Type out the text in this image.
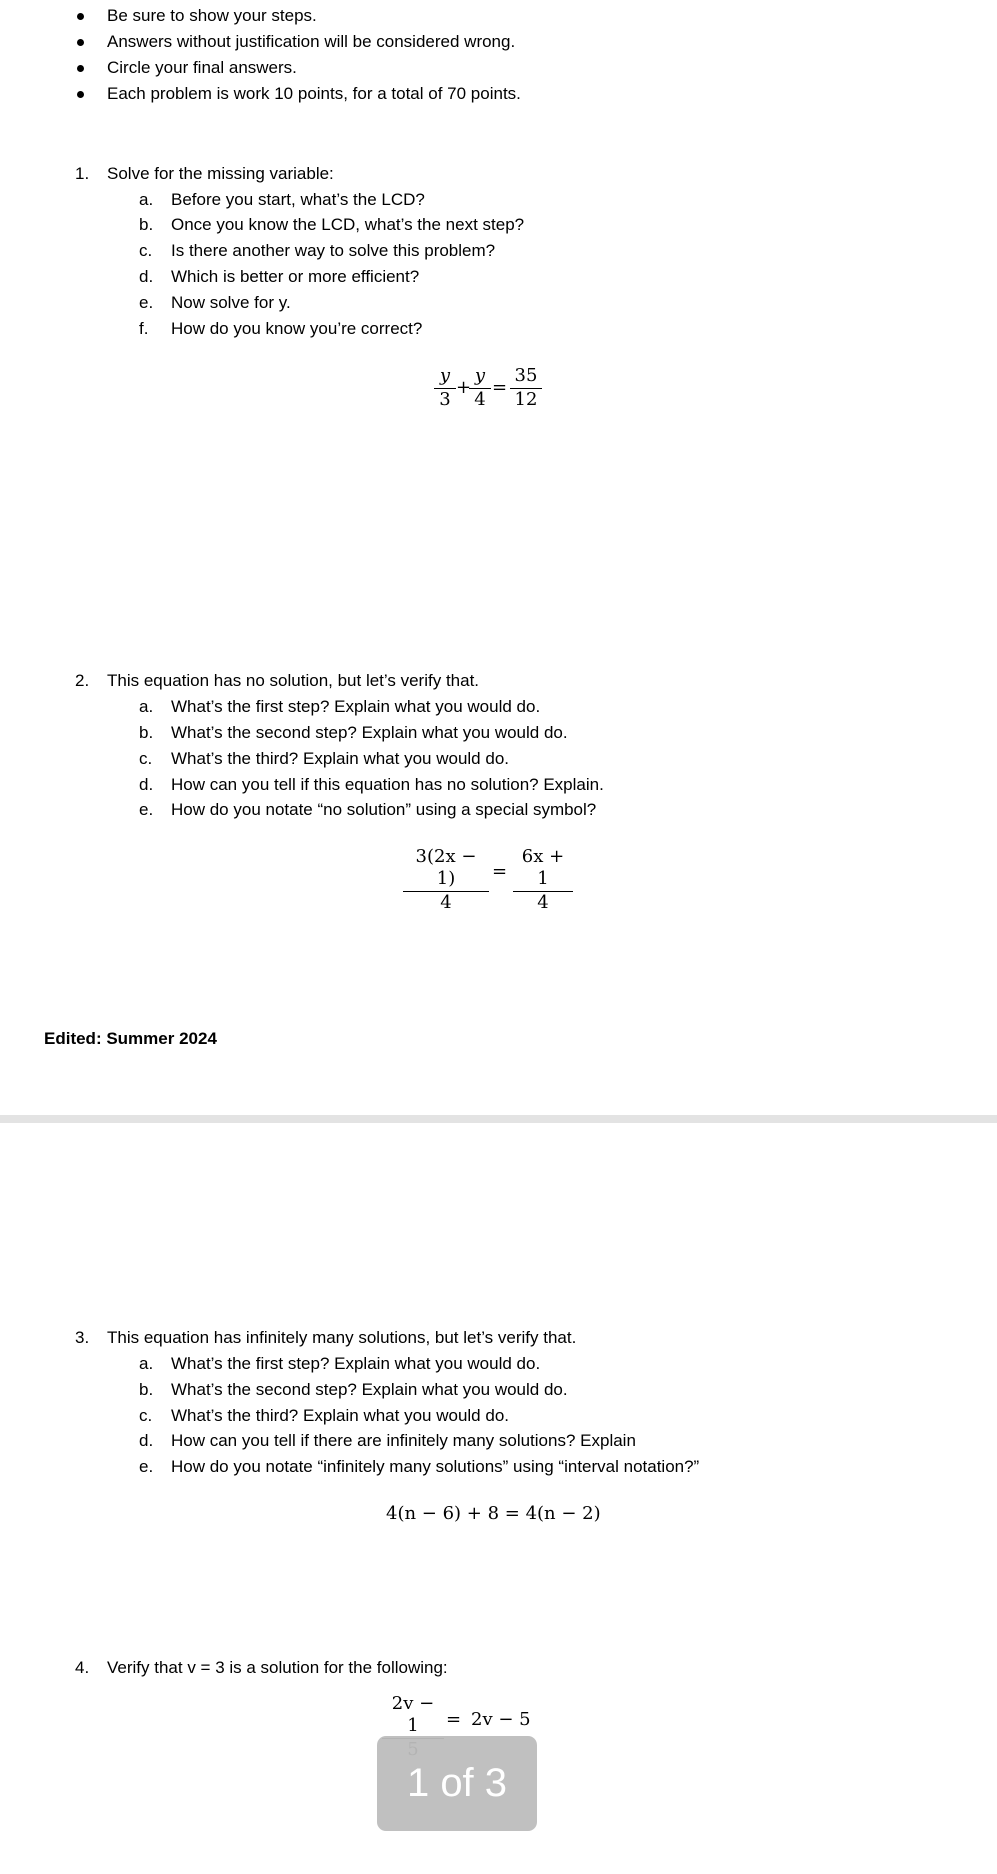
Be sure to show your steps.
Answers without justification will be considered wrong.
Circle your final answers.
Each problem is work 10 points, for a total of 70 points.
1. Solve for the missing variable:
a. Before you start, what’s the LCD?
b. Once you know the LCD, what’s the next step?
c. Is there another way to solve this problem?
d. Which is better or more efficient?
e. Now solve for y.
f. How do you know you’re correct?
$\frac{y}{3}$ +
$\frac{y}{4} = \frac{35}{12}$
2. This equation has no solution, but let’s verify that.
a. What’s the first step? Explain what you would do.
b. What’s the second step? Explain what you would do.
c. What’s the third? Explain what you would do.
d. How can you tell if this equation has no solution? Explain.
e. How do you notate “no solution” using a special symbol?
$\frac{3(2x - 1)}{4} = \frac{6x + 1}{4}$
Edited: Summer 2024
3. This equation has infinitely many solutions, but let’s verify that.
a. What’s the first step? Explain what you would do.
b. What’s the second step? Explain what you would do.
c. What’s the third? Explain what you would do.
d. How can you tell if there are infinitely many solutions? Explain
e. How do you notate “infinitely many solutions” using “interval notation?”
4(n − 6) + 8 = 4(n − 2)
4. Verify that v = 3 is a solution for the following:
2v − 1	= 2v − 5
1 of 3
